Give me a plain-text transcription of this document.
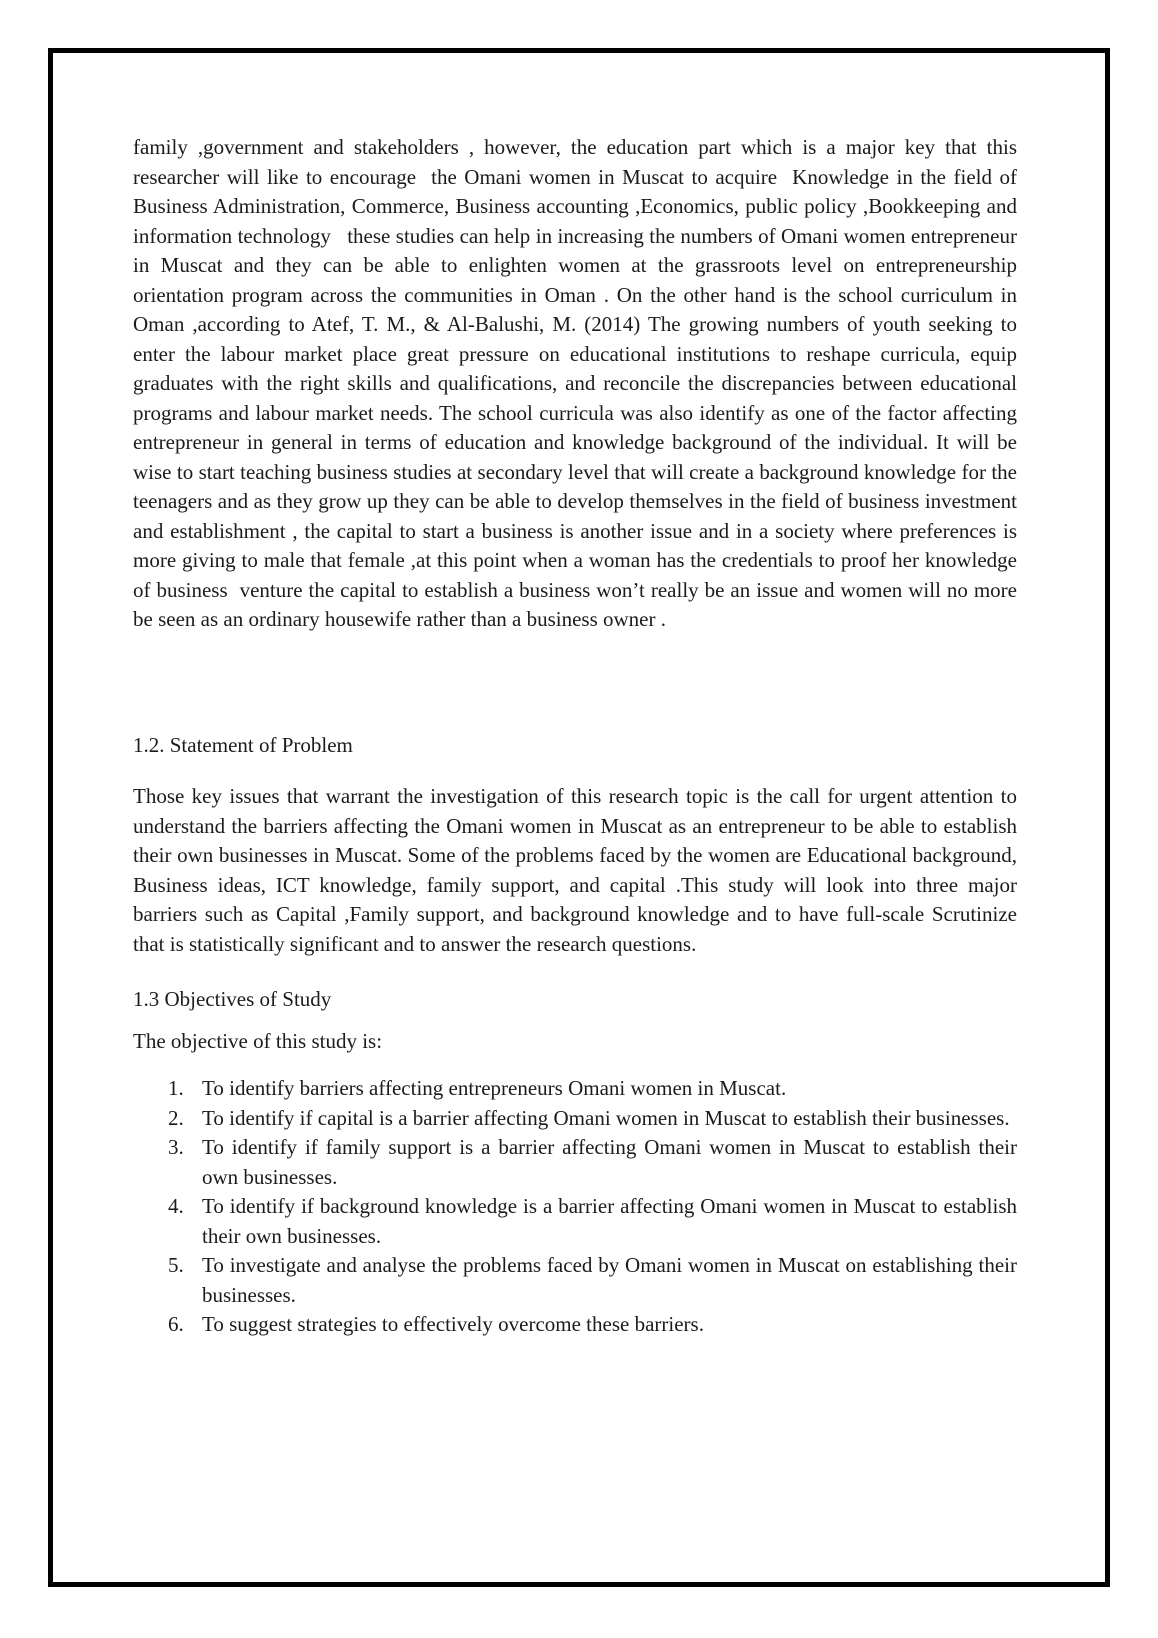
family ,government and stakeholders , however, the education part which is a major key that this researcher will like to encourage  the Omani women in Muscat to acquire  Knowledge in the field of Business Administration, Commerce, Business accounting ,Economics, public policy ,Bookkeeping and information technology   these studies can help in increasing the numbers of Omani women entrepreneur in Muscat and they can be able to enlighten women at the grassroots level on entrepreneurship orientation program across the communities in Oman . On the other hand is the school curriculum in Oman ,according to Atef, T. M., & Al-Balushi, M. (2014) The growing numbers of youth seeking to enter the labour market place great pressure on educational institutions to reshape curricula, equip graduates with the right skills and qualifications, and reconcile the discrepancies between educational programs and labour market needs. The school curricula was also identify as one of the factor affecting entrepreneur in general in terms of education and knowledge background of the individual. It will be wise to start teaching business studies at secondary level that will create a background knowledge for the teenagers and as they grow up they can be able to develop themselves in the field of business investment and establishment , the capital to start a business is another issue and in a society where preferences is more giving to male that female ,at this point when a woman has the credentials to proof her knowledge of business  venture the capital to establish a business won’t really be an issue and women will no more be seen as an ordinary housewife rather than a business owner .

1.2. Statement of Problem

Those key issues that warrant the investigation of this research topic is the call for urgent attention to understand the barriers affecting the Omani women in Muscat as an entrepreneur to be able to establish their own businesses in Muscat. Some of the problems faced by the women are Educational background, Business ideas, ICT knowledge, family support, and capital .This study will look into three major barriers such as Capital ,Family support, and background knowledge and to have full-scale Scrutinize that is statistically significant and to answer the research questions.

1.3 Objectives of Study

The objective of this study is:

1. To identify barriers affecting entrepreneurs Omani women in Muscat.
2. To identify if capital is a barrier affecting Omani women in Muscat to establish their businesses.
3. To identify if family support is a barrier affecting Omani women in Muscat to establish their own businesses.
4. To identify if background knowledge is a barrier affecting Omani women in Muscat to establish their own businesses.
5. To investigate and analyse the problems faced by Omani women in Muscat on establishing their businesses.
6. To suggest strategies to effectively overcome these barriers.
